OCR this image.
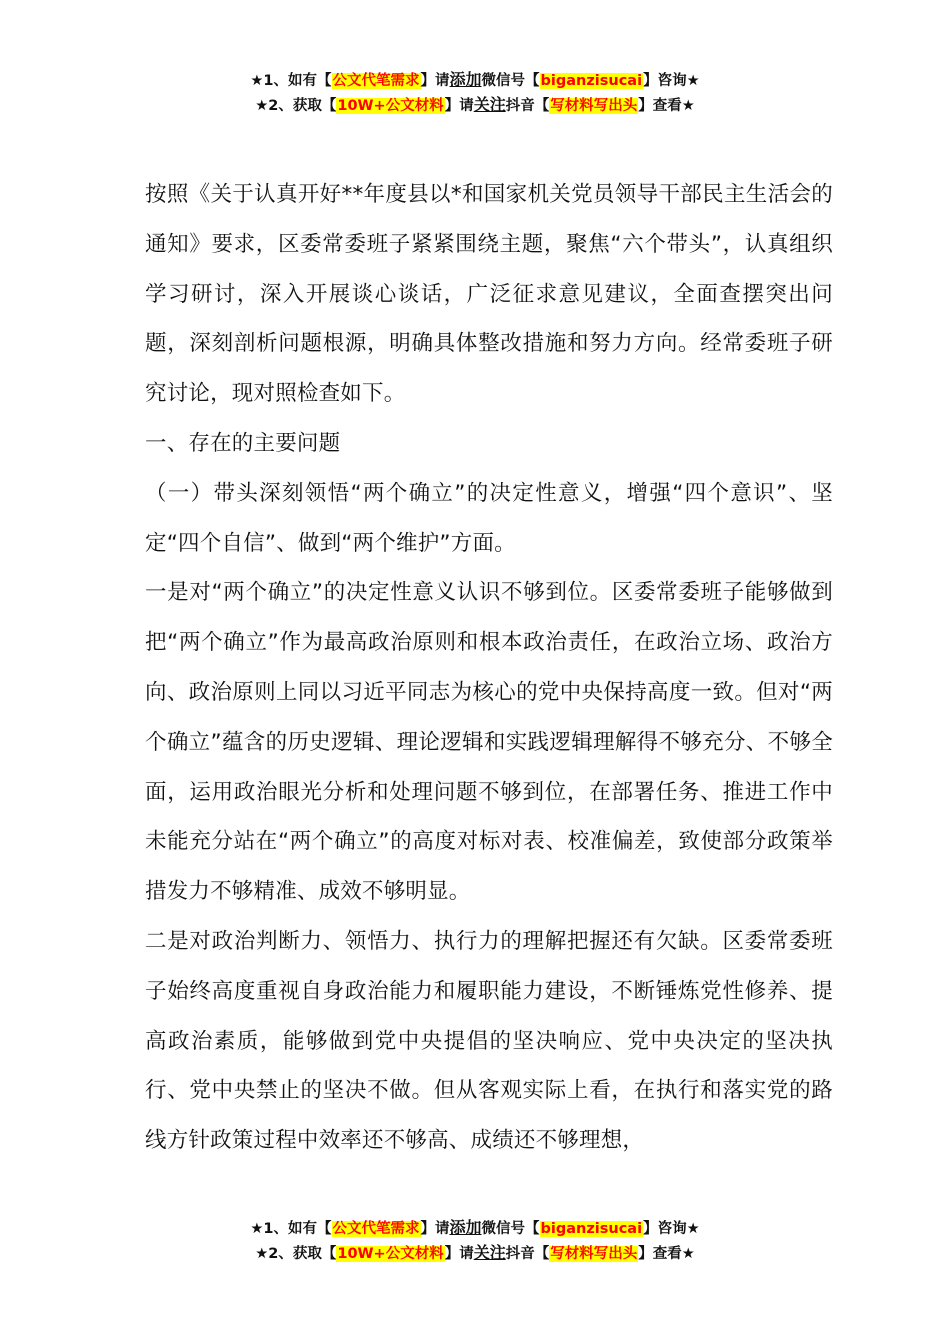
★1、如有【公文代笔需求】请添加微信号【biganzisucai】咨询★
★2、获取【10W+公文材料】请关注抖音【写材料写出头】查看★

按照《关于认真开好**年度县以*和国家机关党员领导干部民主生活会的通知》要求，区委常委班子紧紧围绕主题，聚焦“六个带头”，认真组织学习研讨，深入开展谈心谈话，广泛征求意见建议，全面查摆突出问题，深刻剖析问题根源，明确具体整改措施和努力方向。经常委班子研究讨论，现对照检查如下。

一、存在的主要问题

（一）带头深刻领悟“两个确立”的决定性意义，增强“四个意识”、坚定“四个自信”、做到“两个维护”方面。

一是对“两个确立”的决定性意义认识不够到位。区委常委班子能够做到把“两个确立”作为最高政治原则和根本政治责任，在政治立场、政治方向、政治原则上同以习近平同志为核心的党中央保持高度一致。但对“两个确立”蕴含的历史逻辑、理论逻辑和实践逻辑理解得不够充分、不够全面，运用政治眼光分析和处理问题不够到位，在部署任务、推进工作中未能充分站在“两个确立”的高度对标对表、校准偏差，致使部分政策举措发力不够精准、成效不够明显。

二是对政治判断力、领悟力、执行力的理解把握还有欠缺。区委常委班子始终高度重视自身政治能力和履职能力建设，不断锤炼党性修养、提高政治素质，能够做到党中央提倡的坚决响应、党中央决定的坚决执行、党中央禁止的坚决不做。但从客观实际上看，在执行和落实党的路线方针政策过程中效率还不够高、成绩还不够理想，

★1、如有【公文代笔需求】请添加微信号【biganzisucai】咨询★
★2、获取【10W+公文材料】请关注抖音【写材料写出头】查看★
